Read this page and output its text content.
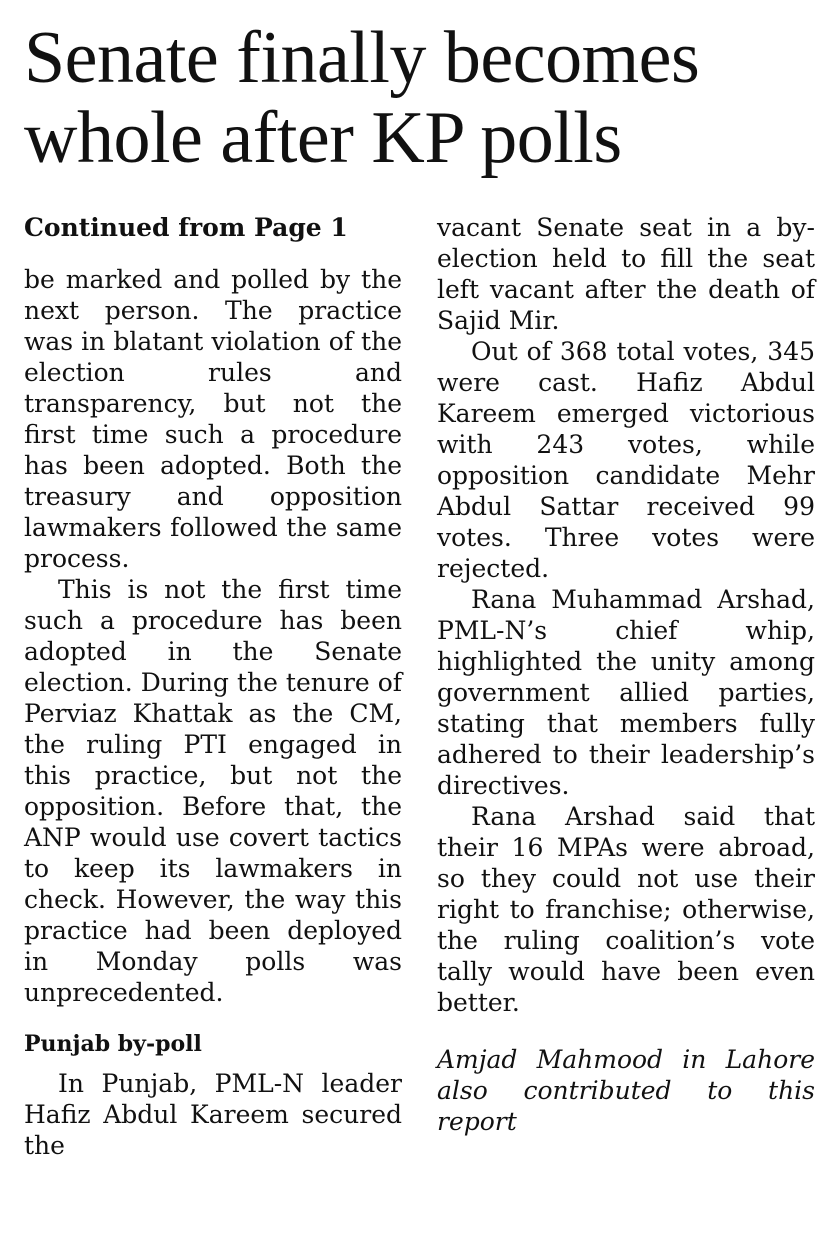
Senate finally becomes whole after KP polls
Continued from Page 1

be marked and polled by the next person. The practice was in blatant violation of the election rules and transparency, but not the first time such a procedure has been adopted. Both the treasury and opposition lawmakers followed the same process.

This is not the first time such a procedure has been adopted in the Senate election. During the tenure of Perviaz Khattak as the CM, the ruling PTI engaged in this practice, but not the opposition. Before that, the ANP would use covert tactics to keep its lawmakers in check. However, the way this practice had been deployed in Monday polls was unprecedented.

Punjab by-poll

In Punjab, PML-N leader Hafiz Abdul Kareem secured the

vacant Senate seat in a by-election held to fill the seat left vacant after the death of Sajid Mir.

Out of 368 total votes, 345 were cast. Hafiz Abdul Kareem emerged victorious with 243 votes, while opposition candidate Mehr Abdul Sattar received 99 votes. Three votes were rejected.

Rana Muhammad Arshad, PML-N’s chief whip, highlighted the unity among government allied parties, stating that members fully adhered to their leadership’s directives.

Rana Arshad said that their 16 MPAs were abroad, so they could not use their right to franchise; otherwise, the ruling coalition’s vote tally would have been even better.

Amjad Mahmood in Lahore also contributed to this report
